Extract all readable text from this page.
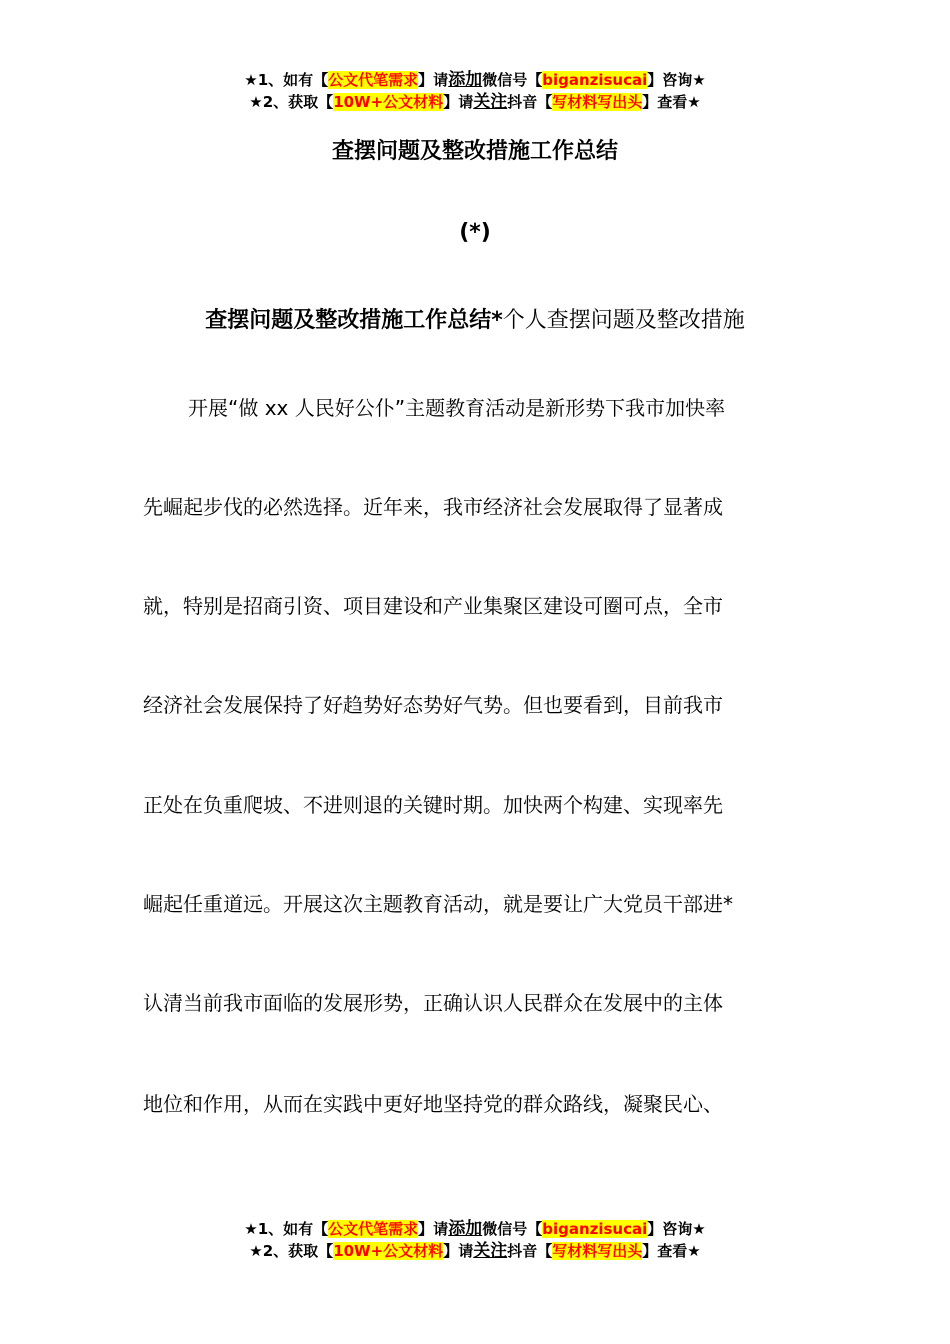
★1、如有【公文代笔需求】请添加微信号【biganzisucai】咨询★
★2、获取【10W+公文材料】请关注抖音【写材料写出头】查看★
查摆问题及整改措施工作总结
(*)
查摆问题及整改措施工作总结*个人查摆问题及整改措施
开展“做 xx 人民好公仆”主题教育活动是新形势下我市加快率
先崛起步伐的必然选择。近年来，我市经济社会发展取得了显著成
就，特别是招商引资、项目建设和产业集聚区建设可圈可点，全市
经济社会发展保持了好趋势好态势好气势。但也要看到，目前我市
正处在负重爬坡、不进则退的关键时期。加快两个构建、实现率先
崛起任重道远。开展这次主题教育活动，就是要让广大党员干部进*
认清当前我市面临的发展形势，正确认识人民群众在发展中的主体
地位和作用，从而在实践中更好地坚持党的群众路线，凝聚民心、
★1、如有【公文代笔需求】请添加微信号【biganzisucai】咨询★
★2、获取【10W+公文材料】请关注抖音【写材料写出头】查看★
